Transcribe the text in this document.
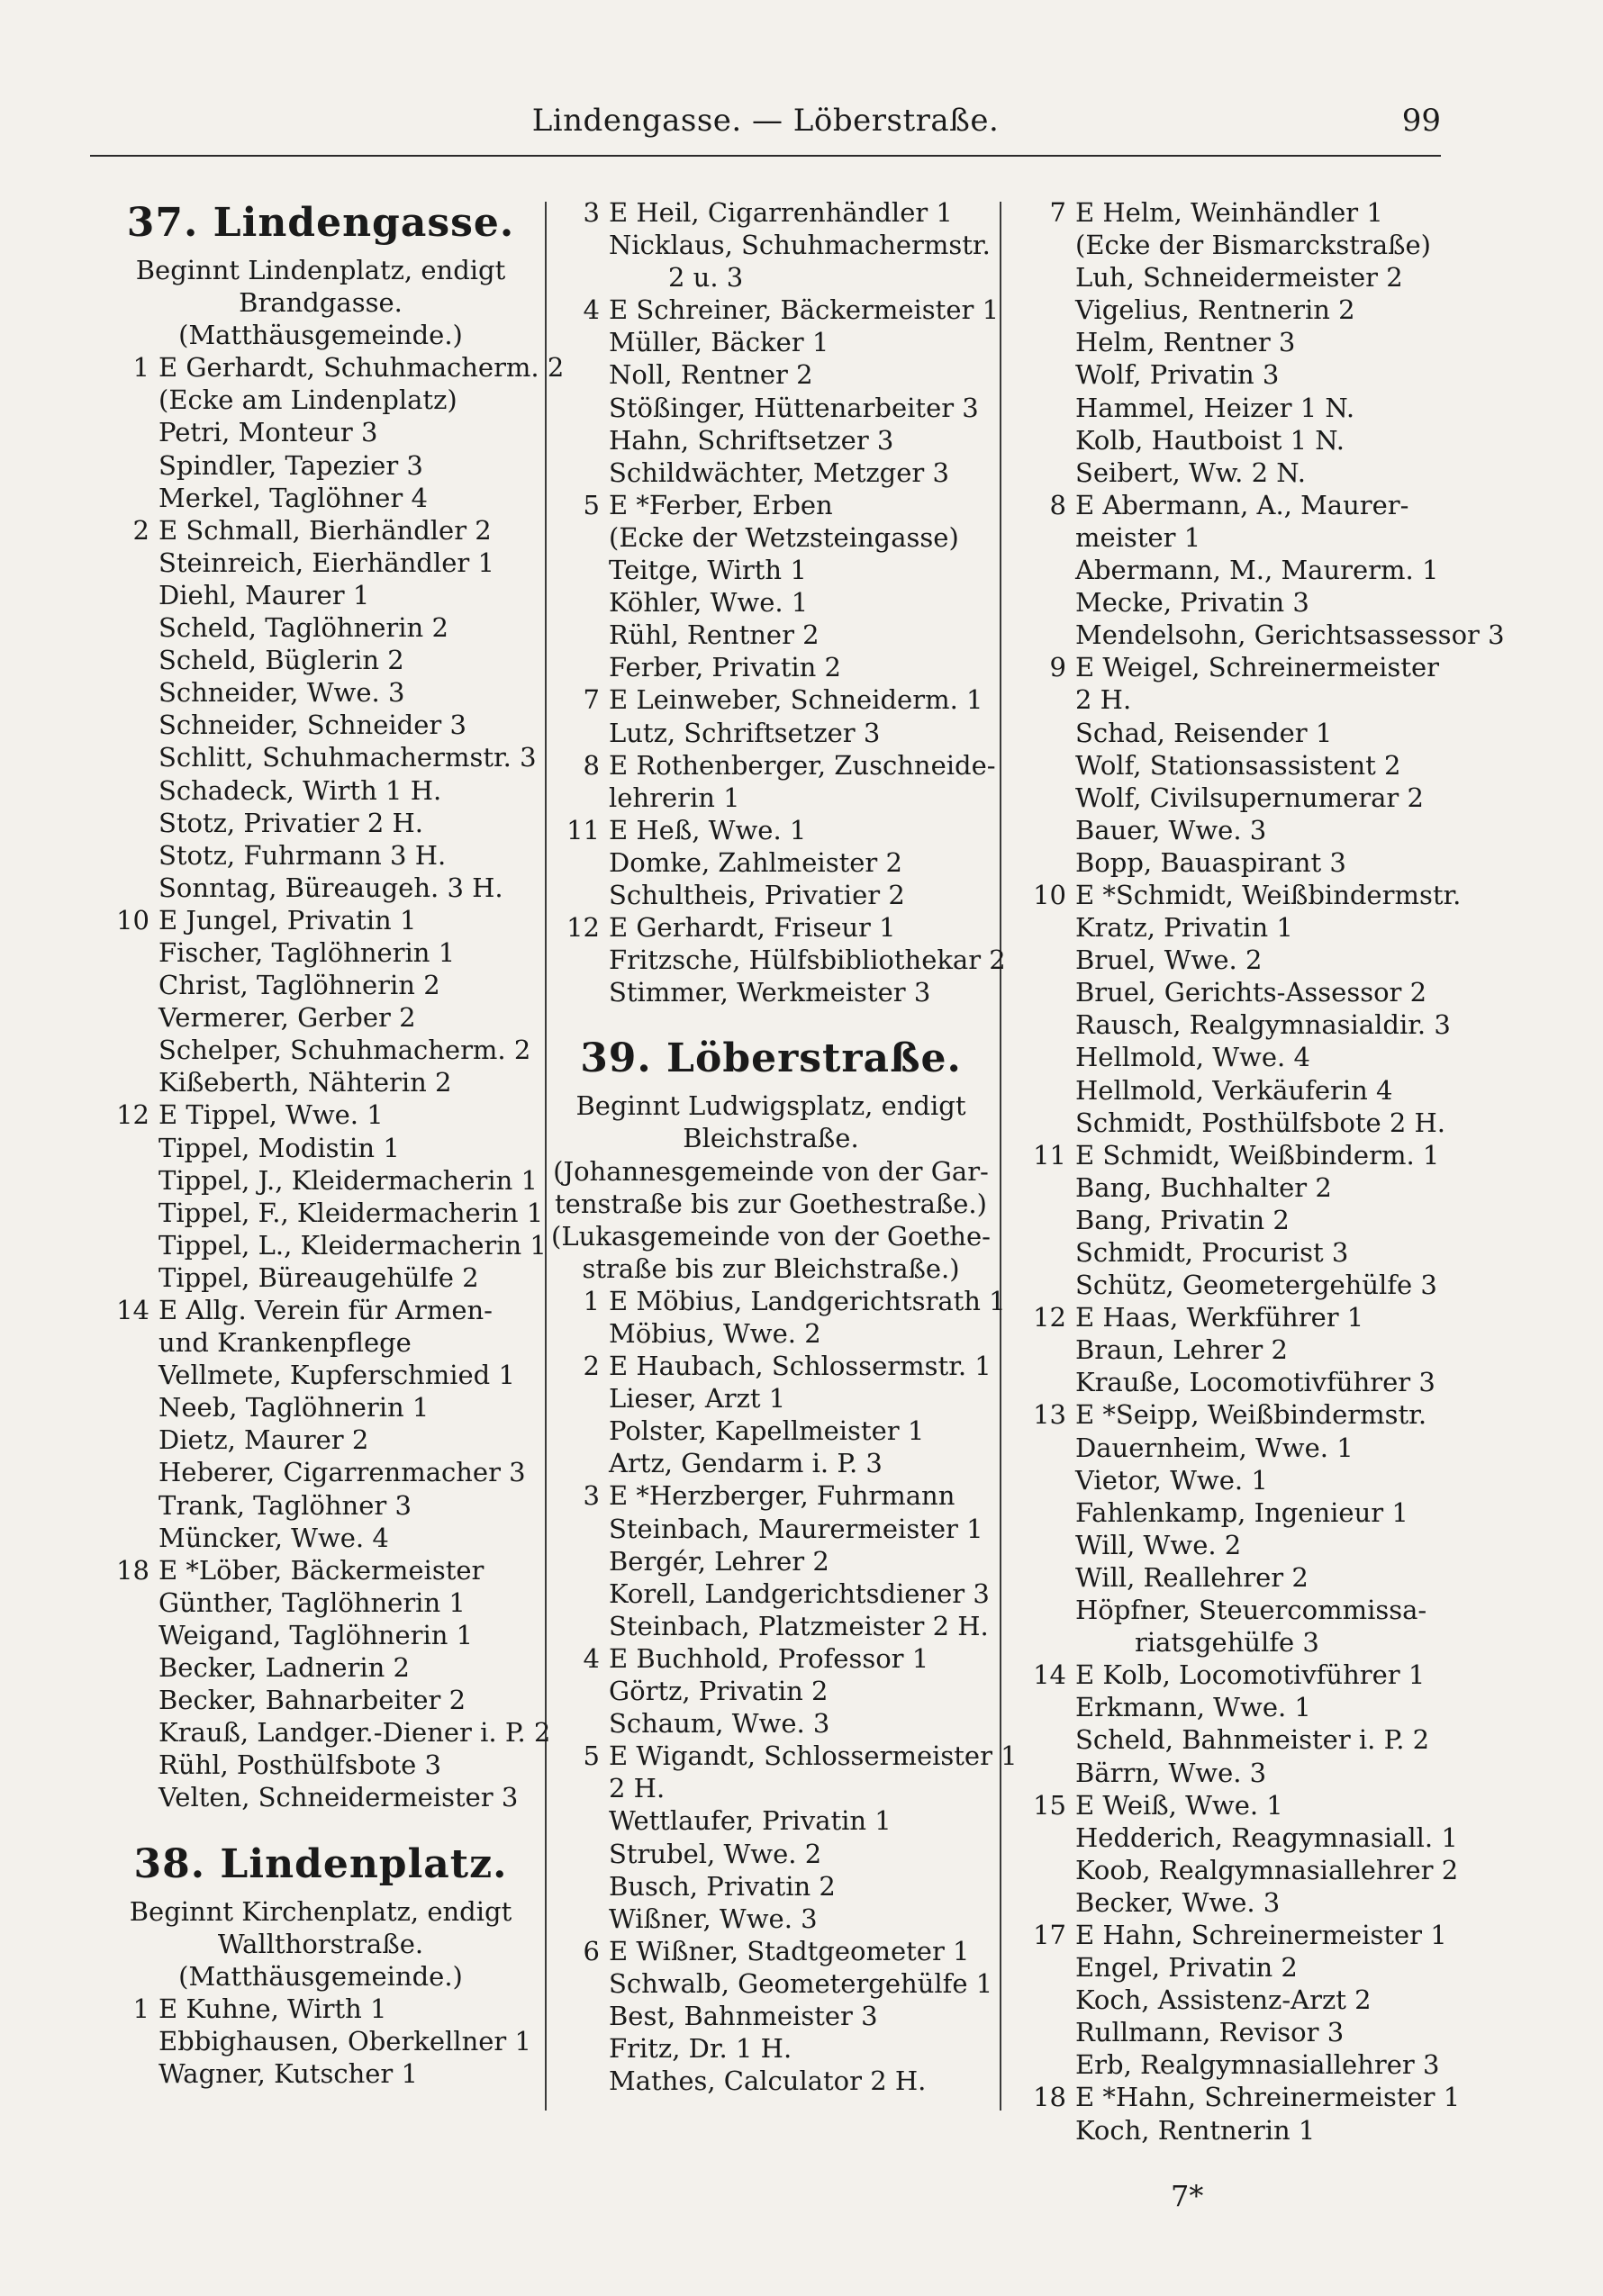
Lindengasse. — Löberstraße.	99
37. Lindengasse.
Beginnt Lindenplatz, endigt
Brandgasse.
(Matthäusgemeinde.)
1 E Gerhardt, Schuhmacherm. 2
(Ecke am Lindenplatz)
Petri, Monteur 3
Spindler, Tapezier 3
Merkel, Taglöhner 4
2 E Schmall, Bierhändler 2
Steinreich, Eierhändler 1
Diehl, Maurer 1
Scheld, Taglöhnerin 2
Scheld, Büglerin 2
Schneider, Wwe. 3
Schneider, Schneider 3
Schlitt, Schuhmachermstr. 3
Schadeck, Wirth 1 H.
Stotz, Privatier 2 H.
Stotz, Fuhrmann 3 H.
Sonntag, Büreaugeh. 3 H.
10 E Jungel, Privatin 1
Fischer, Taglöhnerin 1
Christ, Taglöhnerin 2
Vermerer, Gerber 2
Schelper, Schuhmacherm. 2
Kißeberth, Nähterin 2
12 E Tippel, Wwe. 1
Tippel, Modistin 1
Tippel, J., Kleidermacherin 1
Tippel, F., Kleidermacherin 1
Tippel, L., Kleidermacherin 1
Tippel, Büreaugehülfe 2
14 E Allg. Verein für Armen-
und Krankenpflege
Vellmete, Kupferschmied 1
Neeb, Taglöhnerin 1
Dietz, Maurer 2
Heberer, Cigarrenmacher 3
Trank, Taglöhner 3
Müncker, Wwe. 4
18 E *Löber, Bäckermeister
Günther, Taglöhnerin 1
Weigand, Taglöhnerin 1
Becker, Ladnerin 2
Becker, Bahnarbeiter 2
Krauß, Landger.-Diener i. P. 2
Rühl, Posthülfsbote 3
Velten, Schneidermeister 3
38. Lindenplatz.
Beginnt Kirchenplatz, endigt
Wallthorstraße.
(Matthäusgemeinde.)
1 E Kuhne, Wirth 1
Ebbighausen, Oberkellner 1
Wagner, Kutscher 1
3 E Heil, Cigarrenhändler 1
Nicklaus, Schuhmachermstr.
2 u. 3
4 E Schreiner, Bäckermeister 1
Müller, Bäcker 1
Noll, Rentner 2
Stößinger, Hüttenarbeiter 3
Hahn, Schriftsetzer 3
Schildwächter, Metzger 3
5 E *Ferber, Erben
(Ecke der Wetzsteingasse)
Teitge, Wirth 1
Köhler, Wwe. 1
Rühl, Rentner 2
Ferber, Privatin 2
7 E Leinweber, Schneiderm. 1
Lutz, Schriftsetzer 3
8 E Rothenberger, Zuschneide-
lehrerin 1
11 E Heß, Wwe. 1
Domke, Zahlmeister 2
Schultheis, Privatier 2
12 E Gerhardt, Friseur 1
Fritzsche, Hülfsbibliothekar 2
Stimmer, Werkmeister 3
39. Löberstraße.
Beginnt Ludwigsplatz, endigt
Bleichstraße.
(Johannesgemeinde von der Gar-
tenstraße bis zur Goethestraße.)
(Lukasgemeinde von der Goethe-
straße bis zur Bleichstraße.)
1 E Möbius, Landgerichtsrath 1
Möbius, Wwe. 2
2 E Haubach, Schlossermstr. 1
Lieser, Arzt 1
Polster, Kapellmeister 1
Artz, Gendarm i. P. 3
3 E *Herzberger, Fuhrmann
Steinbach, Maurermeister 1
Bergér, Lehrer 2
Korell, Landgerichtsdiener 3
Steinbach, Platzmeister 2 H.
4 E Buchhold, Professor 1
Görtz, Privatin 2
Schaum, Wwe. 3
5 E Wigandt, Schlossermeister 1
2 H.
Wettlaufer, Privatin 1
Strubel, Wwe. 2
Busch, Privatin 2
Wißner, Wwe. 3
6 E Wißner, Stadtgeometer 1
Schwalb, Geometergehülfe 1
Best, Bahnmeister 3
Fritz, Dr. 1 H.
Mathes, Calculator 2 H.
7 E Helm, Weinhändler 1
(Ecke der Bismarckstraße)
Luh, Schneidermeister 2
Vigelius, Rentnerin 2
Helm, Rentner 3
Wolf, Privatin 3
Hammel, Heizer 1 N.
Kolb, Hautboist 1 N.
Seibert, Ww. 2 N.
8 E Abermann, A., Maurer-
meister 1
Abermann, M., Maurerm. 1
Mecke, Privatin 3
Mendelsohn, Gerichtsassessor 3
9 E Weigel, Schreinermeister
2 H.
Schad, Reisender 1
Wolf, Stationsassistent 2
Wolf, Civilsupernumerar 2
Bauer, Wwe. 3
Bopp, Bauaspirant 3
10 E *Schmidt, Weißbindermstr.
Kratz, Privatin 1
Bruel, Wwe. 2
Bruel, Gerichts-Assessor 2
Rausch, Realgymnasialdir. 3
Hellmold, Wwe. 4
Hellmold, Verkäuferin 4
Schmidt, Posthülfsbote 2 H.
11 E Schmidt, Weißbinderm. 1
Bang, Buchhalter 2
Bang, Privatin 2
Schmidt, Procurist 3
Schütz, Geometergehülfe 3
12 E Haas, Werkführer 1
Braun, Lehrer 2
Krauße, Locomotivführer 3
13 E *Seipp, Weißbindermstr.
Dauernheim, Wwe. 1
Vietor, Wwe. 1
Fahlenkamp, Ingenieur 1
Will, Wwe. 2
Will, Reallehrer 2
Höpfner, Steuercommissa-
riatsgehülfe 3
14 E Kolb, Locomotivführer 1
Erkmann, Wwe. 1
Scheld, Bahnmeister i. P. 2
Bärrn, Wwe. 3
15 E Weiß, Wwe. 1
Hedderich, Reagymnasiall. 1
Koob, Realgymnasiallehrer 2
Becker, Wwe. 3
17 E Hahn, Schreinermeister 1
Engel, Privatin 2
Koch, Assistenz-Arzt 2
Rullmann, Revisor 3
Erb, Realgymnasiallehrer 3
18 E *Hahn, Schreinermeister 1
Koch, Rentnerin 1
7*
